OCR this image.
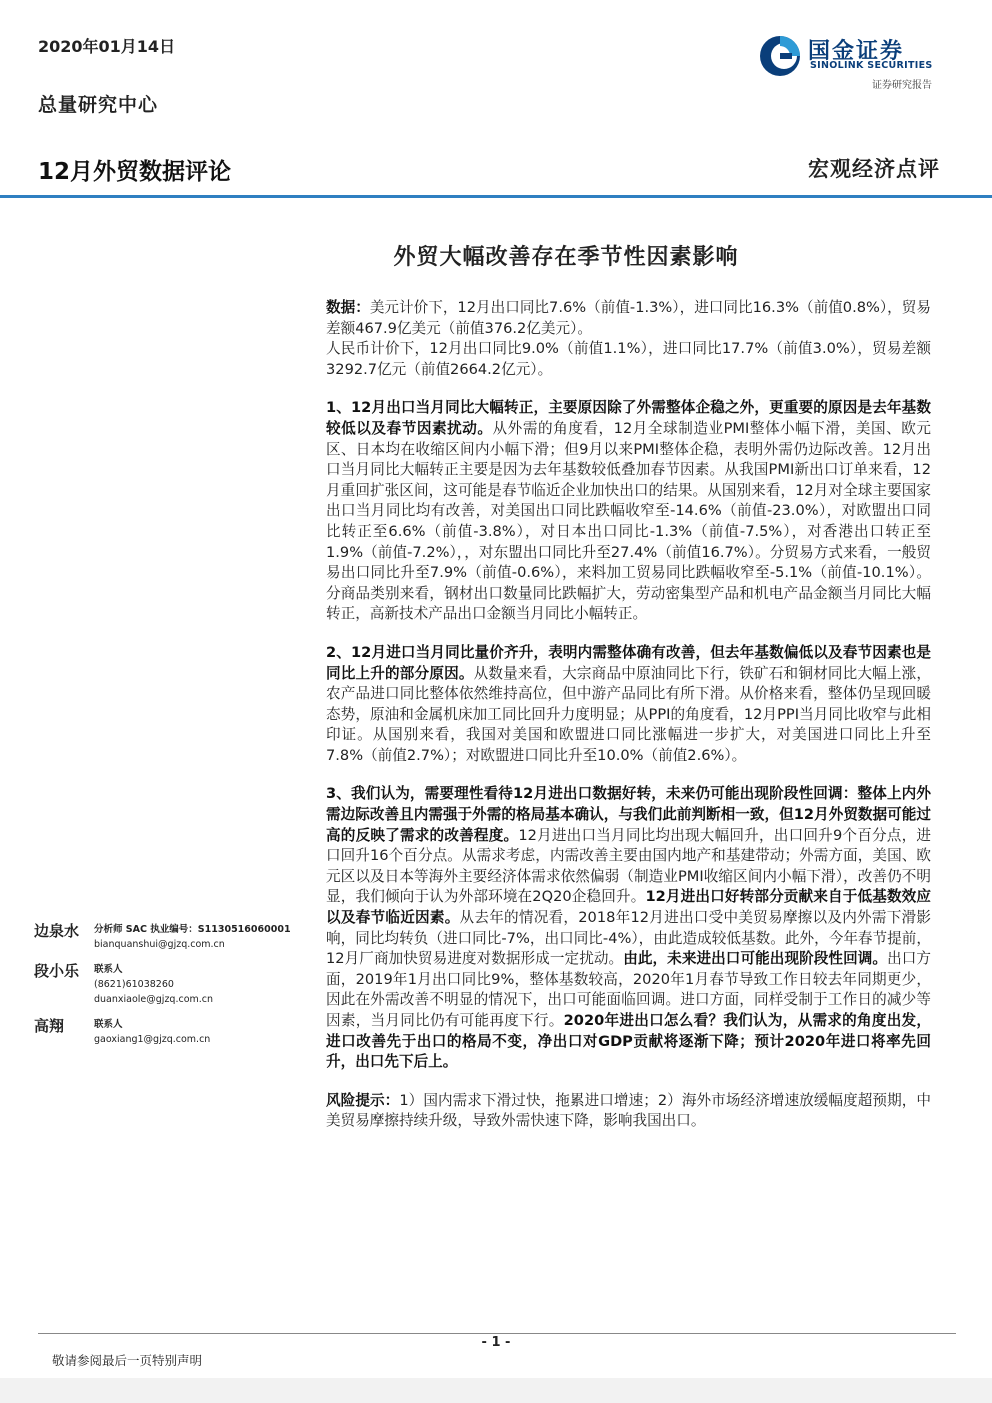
2020年01月14日
总量研究中心
国金证券
SINOLINK SECURITIES
证券研究报告
12月外贸数据评论	宏观经济点评
外贸大幅改善存在季节性因素影响

数据：美元计价下，12月出口同比7.6%（前值-1.3%），进口同比16.3%（前值0.8%），贸易差额467.9亿美元（前值376.2亿美元）。

人民币计价下，12月出口同比9.0%（前值1.1%），进口同比17.7%（前值3.0%），贸易差额3292.7亿元（前值2664.2亿元）。

1、12月出口当月同比大幅转正，主要原因除了外需整体企稳之外，更重要的原因是去年基数较低以及春节因素扰动。从外需的角度看，12月全球制造业PMI整体小幅下滑，美国、欧元区、日本均在收缩区间内小幅下滑；但9月以来PMI整体企稳，表明外需仍边际改善。12月出口当月同比大幅转正主要是因为去年基数较低叠加春节因素。从我国PMI新出口订单来看，12月重回扩张区间，这可能是春节临近企业加快出口的结果。从国别来看，12月对全球主要国家出口当月同比均有改善，对美国出口同比跌幅收窄至-14.6%（前值-23.0%），对欧盟出口同比转正至6.6%（前值-3.8%），对日本出口同比-1.3%（前值-7.5%），对香港出口转正至1.9%（前值-7.2%），，对东盟出口同比升至27.4%（前值16.7%）。分贸易方式来看，一般贸易出口同比升至7.9%（前值-0.6%），来料加工贸易同比跌幅收窄至-5.1%（前值-10.1%）。分商品类别来看，钢材出口数量同比跌幅扩大，劳动密集型产品和机电产品金额当月同比大幅转正，高新技术产品出口金额当月同比小幅转正。

2、12月进口当月同比量价齐升，表明内需整体确有改善，但去年基数偏低以及春节因素也是同比上升的部分原因。从数量来看，大宗商品中原油同比下行，铁矿石和铜材同比大幅上涨，农产品进口同比整体依然维持高位，但中游产品同比有所下滑。从价格来看，整体仍呈现回暖态势，原油和金属机床加工同比回升力度明显；从PPI的角度看，12月PPI当月同比收窄与此相印证。从国别来看，我国对美国和欧盟进口同比涨幅进一步扩大，对美国进口同比上升至7.8%（前值2.7%）；对欧盟进口同比升至10.0%（前值2.6%）。

3、我们认为，需要理性看待12月进出口数据好转，未来仍可能出现阶段性回调：整体上内外需边际改善且内需强于外需的格局基本确认，与我们此前判断相一致，但12月外贸数据可能过高的反映了需求的改善程度。12月进出口当月同比均出现大幅回升，出口回升9个百分点，进口回升16个百分点。从需求考虑，内需改善主要由国内地产和基建带动；外需方面，美国、欧元区以及日本等海外主要经济体需求依然偏弱（制造业PMI收缩区间内小幅下滑），改善仍不明显，我们倾向于认为外部环境在2Q20企稳回升。12月进出口好转部分贡献来自于低基数效应以及春节临近因素。从去年的情况看，2018年12月进出口受中美贸易摩擦以及内外需下滑影响，同比均转负（进口同比-7%，出口同比-4%），由此造成较低基数。此外，今年春节提前，12月厂商加快贸易进度对数据形成一定扰动。由此，未来进出口可能出现阶段性回调。出口方面，2019年1月出口同比9%，整体基数较高，2020年1月春节导致工作日较去年同期更少，因此在外需改善不明显的情况下，出口可能面临回调。进口方面，同样受制于工作日的减少等因素，当月同比仍有可能再度下行。2020年进出口怎么看？我们认为，从需求的角度出发，进口改善先于出口的格局不变，净出口对GDP贡献将逐渐下降；预计2020年进口将率先回升，出口先下后上。

风险提示：1）国内需求下滑过快，拖累进口增速；2）海外市场经济增速放缓幅度超预期，中美贸易摩擦持续升级，导致外需快速下降，影响我国出口。

边泉水	分析师 SAC 执业编号：S1130516060001
bianquanshui@gjzq.com.cn
段小乐	联系人
(8621)61038260
duanxiaole@gjzq.com.cn
高翔	联系人
gaoxiang1@gjzq.com.cn
- 1 -
敬请参阅最后一页特别声明
